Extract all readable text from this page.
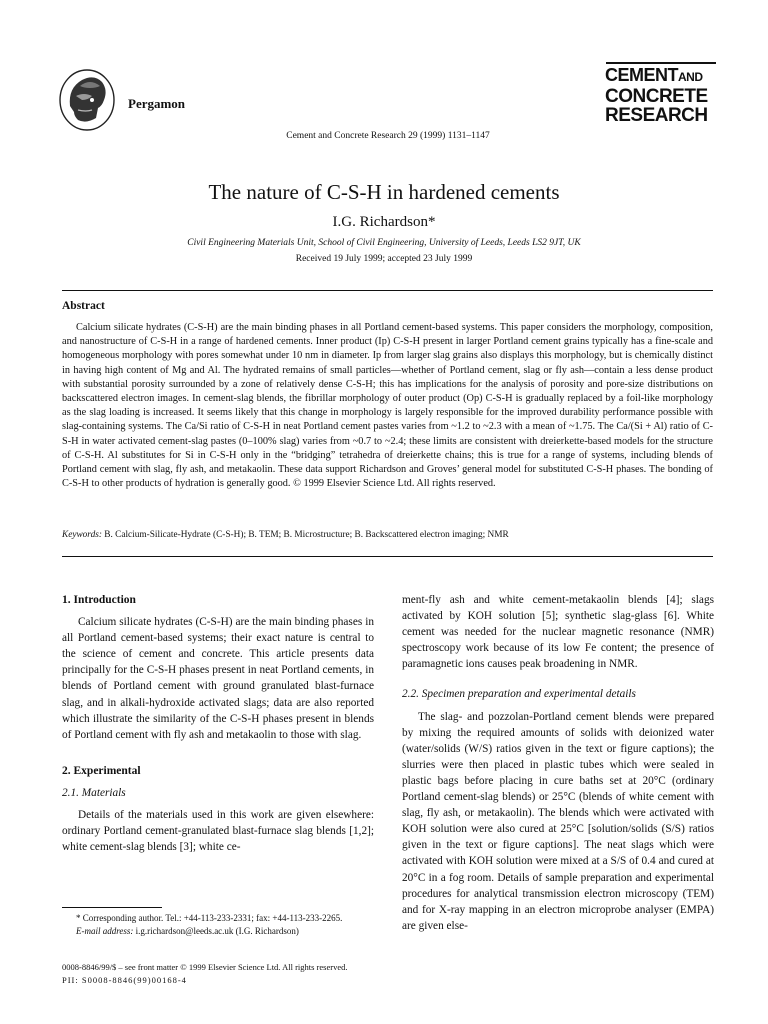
Pergamon
CEMENTAND
CONCRETE
RESEARCH
Cement and Concrete Research 29 (1999) 1131–1147
The nature of C-S-H in hardened cements
I.G. Richardson*
Civil Engineering Materials Unit, School of Civil Engineering, University of Leeds, Leeds LS2 9JT, UK
Received 19 July 1999; accepted 23 July 1999
Abstract

Calcium silicate hydrates (C-S-H) are the main binding phases in all Portland cement-based systems. This paper considers the morphology, composition, and nanostructure of C-S-H in a range of hardened cements. Inner product (Ip) C-S-H present in larger Portland cement grains typically has a fine-scale and homogeneous morphology with pores somewhat under 10 nm in diameter. Ip from larger slag grains also displays this morphology, but is chemically distinct in having high content of Mg and Al. The hydrated remains of small particles—whether of Portland cement, slag or fly ash—contain a less dense product with substantial porosity surrounded by a zone of relatively dense C-S-H; this has implications for the analysis of porosity and pore-size distributions on backscattered electron images. In cement-slag blends, the fibrillar morphology of outer product (Op) C-S-H is gradually replaced by a foil-like morphology as the slag loading is increased. It seems likely that this change in morphology is largely responsible for the improved durability performance possible with slag-containing systems. The Ca/Si ratio of C-S-H in neat Portland cement pastes varies from ~1.2 to ~2.3 with a mean of ~1.75. The Ca/(Si + Al) ratio of C-S-H in water activated cement-slag pastes (0–100% slag) varies from ~0.7 to ~2.4; these limits are consistent with dreierkette-based models for the structure of C-S-H. Al substitutes for Si in C-S-H only in the “bridging” tetrahedra of dreierkette chains; this is true for a range of systems, including blends of Portland cement with slag, fly ash, and metakaolin. These data support Richardson and Groves’ general model for substituted C-S-H phases. The bonding of C-S-H to other products of hydration is generally good. © 1999 Elsevier Science Ltd. All rights reserved.

Keywords: B. Calcium-Silicate-Hydrate (C-S-H); B. TEM; B. Microstructure; B. Backscattered electron imaging; NMR
1. Introduction

Calcium silicate hydrates (C-S-H) are the main binding phases in all Portland cement-based systems; their exact nature is central to the science of cement and concrete. This article presents data principally for the C-S-H phases present in neat Portland cements, in blends of Portland cement with ground granulated blast-furnace slag, and in alkali-hydroxide activated slags; data are also reported which illustrate the similarity of the C-S-H phases present in blends of Portland cement with fly ash and metakaolin to those with slag.

2. Experimental
2.1. Materials

Details of the materials used in this work are given elsewhere: ordinary Portland cement-granulated blast-furnace slag blends [1,2]; white cement-slag blends [3]; white ce-

ment-fly ash and white cement-metakaolin blends [4]; slags activated by KOH solution [5]; synthetic slag-glass [6]. White cement was needed for the nuclear magnetic resonance (NMR) spectroscopy work because of its low Fe content; the presence of paramagnetic ions causes peak broadening in NMR.

2.2. Specimen preparation and experimental details

The slag- and pozzolan-Portland cement blends were prepared by mixing the required amounts of solids with deionized water (water/solids (W/S) ratios given in the text or figure captions); the slurries were then placed in plastic tubes which were sealed in plastic bags before placing in cure baths set at 20°C (ordinary Portland cement-slag blends) or 25°C (blends of white cement with slag, fly ash, or metakaolin). The blends which were activated with KOH solution were also cured at 25°C [solution/solids (S/S) ratios given in the text or figure captions]. The neat slags which were activated with KOH solution were mixed at a S/S of 0.4 and cured at 20°C in a fog room. Details of sample preparation and experimental procedures for analytical transmission electron microscopy (TEM) and for X-ray mapping in an electron microprobe analyser (EMPA) are given else-

* Corresponding author. Tel.: +44-113-233-2331; fax: +44-113-233-2265.
E-mail address: i.g.richardson@leeds.ac.uk (I.G. Richardson)
0008-8846/99/$ – see front matter © 1999 Elsevier Science Ltd. All rights reserved.
PII: S0008-8846(99)00168-4
